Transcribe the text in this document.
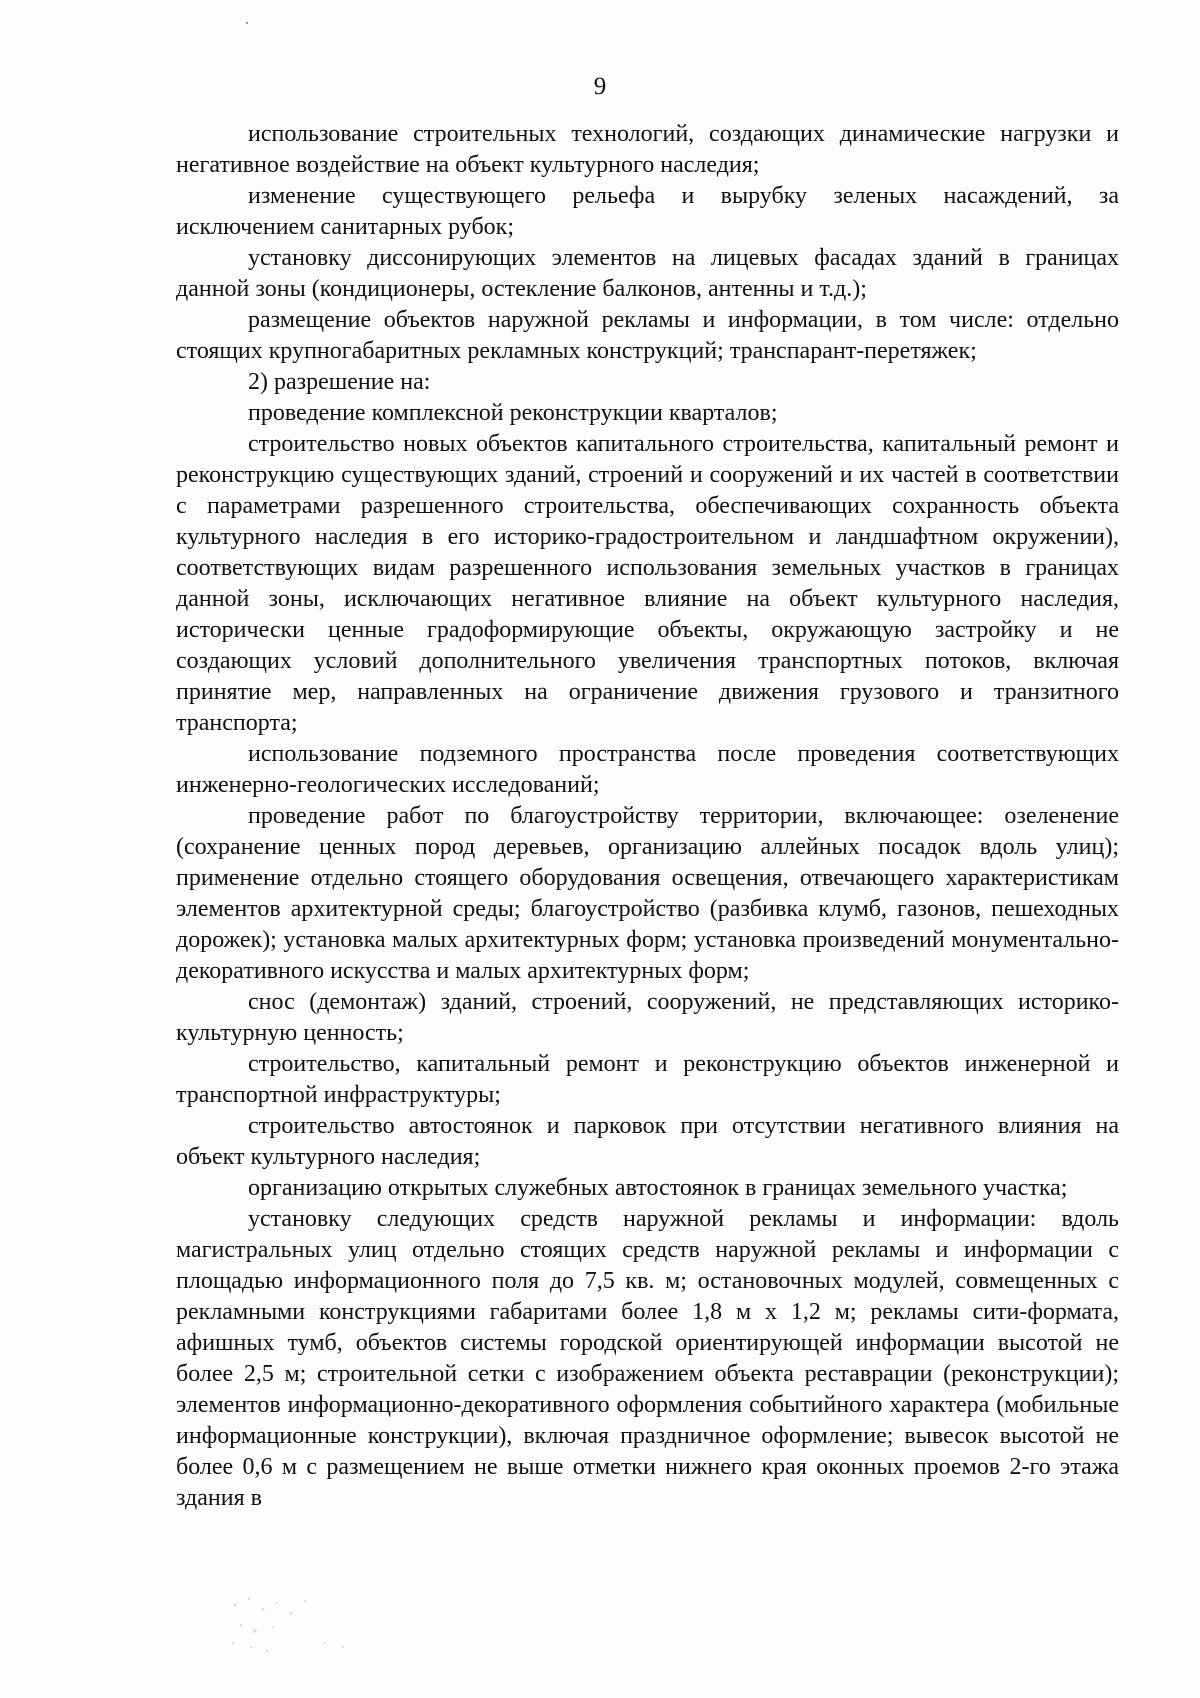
9

использование строительных технологий, создающих динамические нагрузки и негативное воздействие на объект культурного наследия;

изменение существующего рельефа и вырубку зеленых насаждений, за исключением санитарных рубок;

установку диссонирующих элементов на лицевых фасадах зданий в границах данной зоны (кондиционеры, остекление балконов, антенны и т.д.);

размещение объектов наружной рекламы и информации, в том числе: отдельно стоящих крупногабаритных рекламных конструкций; транспарант-перетяжек;

2) разрешение на:

проведение комплексной реконструкции кварталов;

строительство новых объектов капитального строительства, капитальный ремонт и реконструкцию существующих зданий, строений и сооружений и их частей в соответствии с параметрами разрешенного строительства, обеспечивающих сохранность объекта культурного наследия в его историко-градостроительном и ландшафтном окружении), соответствующих видам разрешенного использования земельных участков в границах данной зоны, исключающих негативное влияние на объект культурного наследия, исторически ценные градоформирующие объекты, окружающую застройку и не создающих условий дополнительного увеличения транспортных потоков, включая принятие мер, направленных на ограничение движения грузового и транзитного транспорта;

использование подземного пространства после проведения соответствующих инженерно-геологических исследований;

проведение работ по благоустройству территории, включающее: озеленение (сохранение ценных пород деревьев, организацию аллейных посадок вдоль улиц); применение отдельно стоящего оборудования освещения, отвечающего характеристикам элементов архитектурной среды; благоустройство (разбивка клумб, газонов, пешеходных дорожек); установка малых архитектурных форм; установка произведений монументально-декоративного искусства и малых архитектурных форм;

снос (демонтаж) зданий, строений, сооружений, не представляющих историко-культурную ценность;

строительство, капитальный ремонт и реконструкцию объектов инженерной и транспортной инфраструктуры;

строительство автостоянок и парковок при отсутствии негативного влияния на объект культурного наследия;

организацию открытых служебных автостоянок в границах земельного участка;

установку следующих средств наружной рекламы и информации: вдоль магистральных улиц отдельно стоящих средств наружной рекламы и информации с площадью информационного поля до 7,5 кв. м; остановочных модулей, совмещенных с рекламными конструкциями габаритами более 1,8 м х 1,2 м; рекламы сити-формата, афишных тумб, объектов системы городской ориентирующей информации высотой не более 2,5 м; строительной сетки с изображением объекта реставрации (реконструкции); элементов информационно-декоративного оформления событийного характера (мобильные информационные конструкции), включая праздничное оформление; вывесок высотой не более 0,6 м с размещением не выше отметки нижнего края оконных проемов 2-го этажа здания в
